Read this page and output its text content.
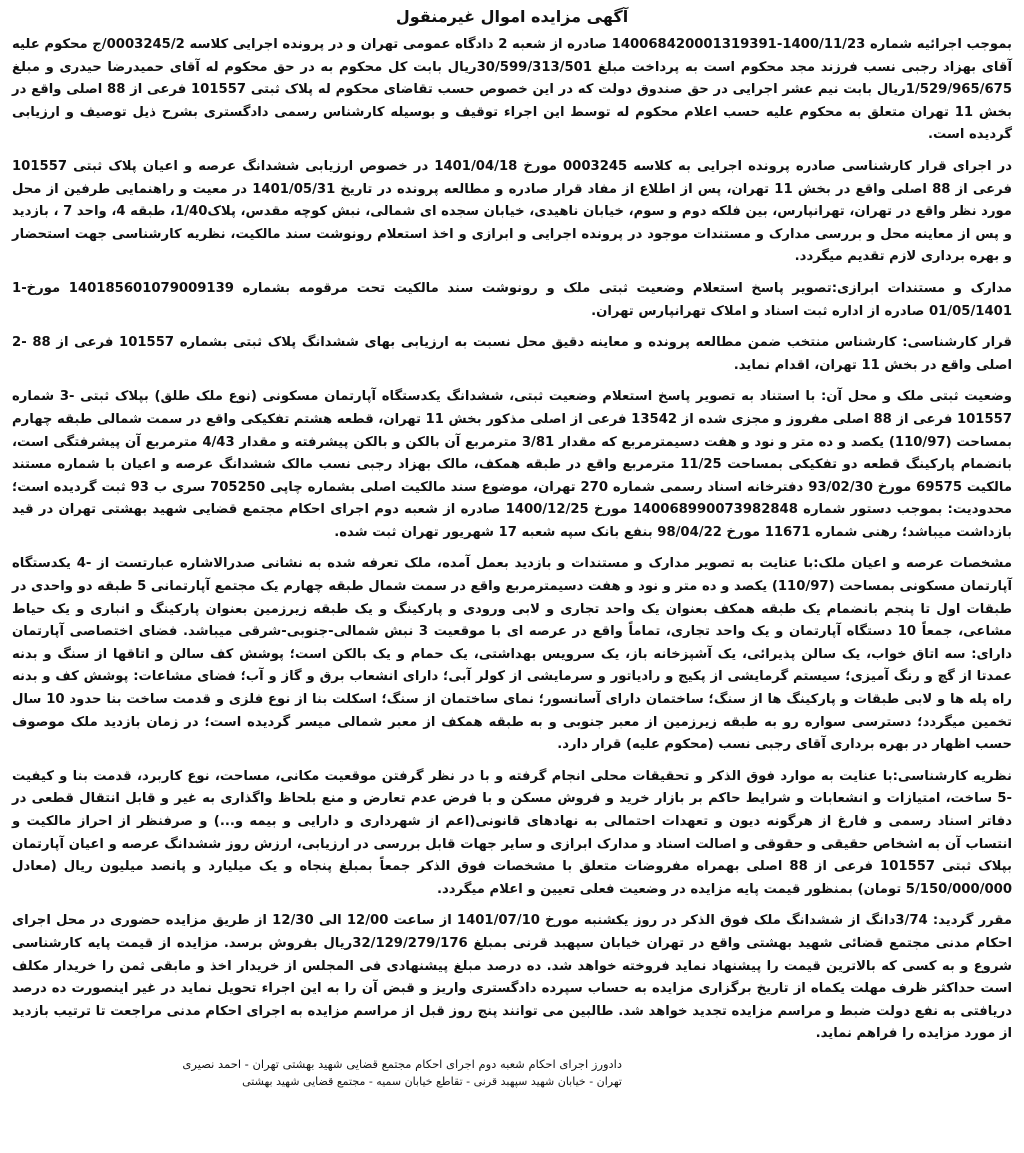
آگهی مزایده اموال غیرمنقول
بموجب اجرائیه شماره 1400/11/23-140068420001319391 صادره از شعبه 2 دادگاه عمومی تهران و در پرونده اجرایی کلاسه 0003245/2/ج محکوم علیه آقای بهزاد رجبی نسب فرزند مجد محکوم است به پرداخت مبلغ 30/599/313/501ریال بابت کل محکوم به در حق محکوم له آقای حمیدرضا حیدری و مبلغ 1/529/965/675ریال بابت نیم عشر اجرایی در حق صندوق دولت که در این خصوص حسب تقاضای محکوم له پلاک ثبتی 101557 فرعی از 88 اصلی واقع در بخش 11 تهران متعلق به محکوم علیه حسب اعلام محکوم له توسط این اجراء توقیف و بوسیله کارشناس رسمی دادگستری بشرح ذیل توصیف و ارزیابی گردیده است.
در اجرای قرار کارشناسی صادره پرونده اجرایی به کلاسه 0003245 مورخ 1401/04/18 در خصوص ارزیابی ششدانگ عرصه و اعیان پلاک ثبتی 101557 فرعی از 88 اصلی واقع در بخش 11 تهران، پس از اطلاع از مفاد قرار صادره و مطالعه پرونده در تاریخ 1401/05/31 در معیت و راهنمایی طرفین از محل مورد نظر واقع در تهران، تهرانپارس، بین فلکه دوم و سوم، خیابان ناهیدی، خیابان سجده ای شمالی، نبش کوچه مقدس، پلاک1/40، طبقه 4، واحد 7 ، بازدید و پس از معاینه محل و بررسی مدارک و مستندات موجود در پرونده اجرایی و ابرازی و اخذ استعلام رونوشت سند مالکیت، نظریه کارشناسی جهت استحضار و بهره برداری لازم تقدیم میگردد.
مدارک و مستندات ابرازی:تصویر پاسخ استعلام وضعیت ثبتی ملک و رونوشت سند مالکیت تحت مرقومه بشماره 140185601079009139 مورخ-1 01/05/1401 صادره از اداره ثبت اسناد و املاک تهرانپارس تهران.
قرار کارشناسی: کارشناس منتخب ضمن مطالعه پرونده و معاینه دقیق محل نسبت به ارزیابی بهای ششدانگ پلاک ثبتی بشماره 101557 فرعی از 88 -2 اصلی واقع در بخش 11 تهران، اقدام نماید.
وضعیت ثبتی ملک و محل آن: با استناد به تصویر پاسخ استعلام وضعیت ثبتی، ششدانگ یکدستگاه آپارتمان مسکونی (نوع ملک طلق) بپلاک ثبتی -3 شماره 101557 فرعی از 88 اصلی مفروز و مجزی شده از 13542 فرعی از اصلی مذکور بخش 11 تهران، قطعه هشتم تفکیکی واقع در سمت شمالی طبقه چهارم بمساحت (110/97) یکصد و ده متر و نود و هفت دسیمترمربع که مقدار 3/81 مترمربع آن بالکن و بالکن پیشرفته و مقدار 4/43 مترمربع آن پیشرفتگی است، بانضمام پارکینگ قطعه دو تفکیکی بمساحت 11/25 مترمربع واقع در طبقه همکف، مالک بهزاد رجبی نسب مالک ششدانگ عرصه و اعیان با شماره مستند مالکیت 69575 مورخ 93/02/30 دفترخانه اسناد رسمی شماره 270 تهران، موضوع سند مالکیت اصلی بشماره چاپی 705250 سری ب 93 ثبت گردیده است؛ محدودیت: بموجب دستور شماره 140068990073982848 مورخ 1400/12/25 صادره از شعبه دوم اجرای احکام مجتمع قضایی شهید بهشتی تهران در قید بازداشت میباشد؛ رهنی شماره 11671 مورخ 98/04/22 بنفع بانک سپه شعبه 17 شهریور تهران ثبت شده.
مشخصات عرصه و اعیان ملک:با عنایت به تصویر مدارک و مستندات و بازدید بعمل آمده، ملک تعرفه شده به نشانی صدرالاشاره عبارتست از -4 یکدستگاه آپارتمان مسکونی بمساحت (110/97) یکصد و ده متر و نود و هفت دسیمترمربع واقع در سمت شمال طبقه چهارم یک مجتمع آپارتمانی 5 طبقه دو واحدی در طبقات اول تا پنجم بانضمام یک طبقه همکف بعنوان یک واحد تجاری و لابی ورودی و پارکینگ و یک طبقه زیرزمین بعنوان پارکینگ و انباری و یک حیاط مشاعی، جمعاً 10 دستگاه آپارتمان و یک واحد تجاری، تماماً واقع در عرصه ای با موقعیت 3 نبش شمالی-جنوبی-شرقی میباشد. فضای اختصاصی آپارتمان دارای: سه اتاق خواب، یک سالن پذیرائی، یک آشپزخانه باز، یک سرویس بهداشتی، یک حمام و یک بالکن است؛ پوشش کف سالن و اتاقها از سنگ و بدنه عمدتا از گچ و رنگ آمیزی؛ سیستم گرمایشی از پکیج و رادیاتور و سرمایشی از کولر آبی؛ دارای انشعاب برق و گاز و آب؛ فضای مشاعات: پوشش کف و بدنه راه پله ها و لابی طبقات و پارکینگ ها از سنگ؛ ساختمان دارای آسانسور؛ نمای ساختمان از سنگ؛ اسکلت بنا از نوع فلزی و قدمت ساخت بنا حدود 10 سال تخمین میگردد؛ دسترسی سواره رو به طبقه زیرزمین از معبر جنوبی و به طبقه همکف از معبر شمالی میسر گردیده است؛ در زمان بازدید ملک موصوف حسب اظهار در بهره برداری آقای رجبی نسب (محکوم علیه) قرار دارد.
نظریه کارشناسی:با عنایت به موارد فوق الذکر و تحقیقات محلی انجام گرفته و با در نظر گرفتن موقعیت مکانی، مساحت، نوع کاربرد، قدمت بنا و کیفیت -5 ساخت، امتیازات و انشعابات و شرایط حاکم بر بازار خرید و فروش مسکن و با فرض عدم تعارض و منع بلحاظ واگذاری به غیر و قابل انتقال قطعی در دفاتر اسناد رسمی و فارغ از هرگونه دیون و تعهدات احتمالی به نهادهای قانونی(اعم از شهرداری و دارایی و بیمه و...) و صرفنظر از احراز مالکیت و انتساب آن به اشخاص حقیقی و حقوقی و اصالت اسناد و مدارک ابرازی و سایر جهات قابل بررسی در ارزیابی، ارزش روز ششدانگ عرصه و اعیان آپارتمان بپلاک ثبتی 101557 فرعی از 88 اصلی بهمراه مفروضات متعلق با مشخصات فوق الذکر جمعاً بمبلغ پنجاه و یک میلیارد و پانصد میلیون ریال (معادل 5/150/000/000 تومان) بمنظور قیمت پایه مزایده در وضعیت فعلی تعیین و اعلام میگردد.
مقرر گردید: 3/74دانگ از ششدانگ ملک فوق الذکر در روز یکشنبه مورخ 1401/07/10 از ساعت 12/00 الی 12/30 از طریق مزایده حضوری در محل اجرای احکام مدنی مجتمع قضائی شهید بهشتی واقع در تهران خیابان سپهبد قرنی بمبلغ 32/129/279/176ریال بفروش برسد. مزایده از قیمت پایه کارشناسی شروع و به کسی که بالاترین قیمت را پیشنهاد نماید فروخته خواهد شد. ده درصد مبلغ پیشنهادی فی المجلس از خریدار اخذ و مابقی ثمن را خریدار مکلف است حداکثر ظرف مهلت یکماه از تاریخ برگزاری مزایده به حساب سپرده دادگستری واریز و قبض آن را به این اجراء تحویل نماید در غیر اینصورت ده درصد دریافتی به نفع دولت ضبط و مراسم مزایده تجدید خواهد شد. طالبین می توانند پنج روز قبل از مراسم مزایده به اجرای احکام مدنی مراجعت تا ترتیب بازدید از مورد مزایده را فراهم نماید.
دادورز اجرای احکام شعبه دوم اجرای احکام مجتمع قضایی شهید بهشتی تهران - احمد نصیری
تهران - خیابان شهید سپهبد قرنی - تقاطع خیابان سمیه - مجتمع قضایی شهید بهشتی
